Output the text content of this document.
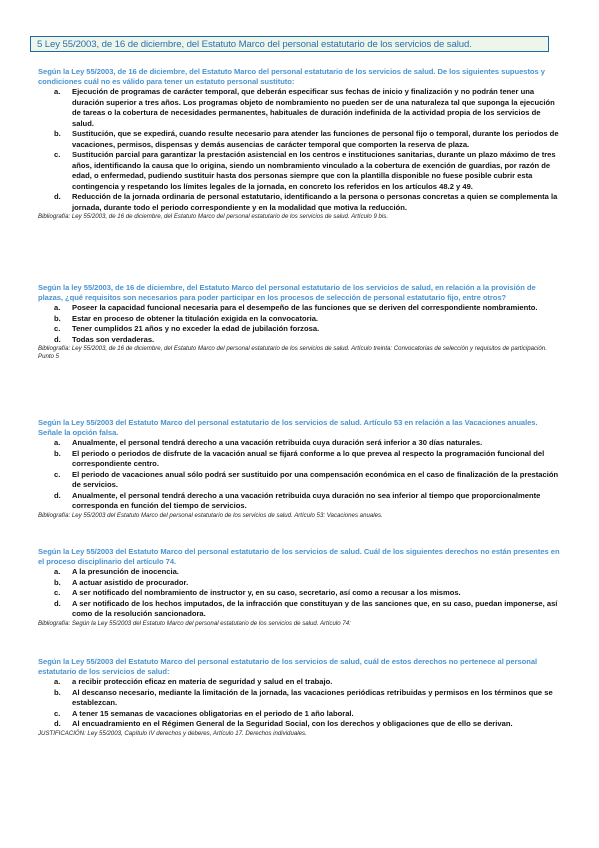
5 Ley 55/2003, de 16 de diciembre, del Estatuto Marco del personal estatutario de los servicios de salud.

Según la Ley 55/2003, de 16 de diciembre, del Estatuto Marco del personal estatutario de los servicios de salud. De los siguientes supuestos y condiciones cuál no es válido para tener un estatuto personal sustituto:

a.	Ejecución de programas de carácter temporal, que deberán especificar sus fechas de inicio y finalización y no podrán tener una duración superior a tres años. Los programas objeto de nombramiento no pueden ser de una naturaleza tal que suponga la ejecución de tareas o la cobertura de necesidades permanentes, habituales de duración indefinida de la actividad propia de los servicios de salud.
b.	Sustitución, que se expedirá, cuando resulte necesario para atender las funciones de personal fijo o temporal, durante los periodos de vacaciones, permisos, dispensas y demás ausencias de carácter temporal que comporten la reserva de plaza.
c.	Sustitución parcial para garantizar la prestación asistencial en los centros e instituciones sanitarias, durante un plazo máximo de tres años, identificando la causa que lo origina, siendo un nombramiento vinculado a la cobertura de exención de guardias, por razón de edad, o enfermedad, pudiendo sustituir hasta dos personas siempre que con la plantilla disponible no fuese posible cubrir esta contingencia y respetando los límites legales de la jornada, en concreto los referidos en los artículos 48.2 y 49.
d.	Reducción de la jornada ordinaria de personal estatutario, identificando a la persona o personas concretas a quien se complementa la jornada, durante todo el periodo correspondiente y en la modalidad que motiva la reducción.

Bibliografía: Ley 55/2003, de 16 de diciembre, del Estatuto Marco del personal estatutario de los servicios de salud. Artículo 9 bis.

Según la ley 55/2003, de 16 de diciembre, del Estatuto Marco del personal estatutario de los servicios de salud, en relación a la provisión de plazas, ¿qué requisitos son necesarios para poder participar en los procesos de selección de personal estatutario fijo, entre otros?

a.	Poseer la capacidad funcional necesaria para el desempeño de las funciones que se deriven del correspondiente nombramiento.
b.	Estar en proceso de obtener la titulación exigida en la convocatoria.
c.	Tener cumplidos 21 años y no exceder la edad de jubilación forzosa.
d.	Todas son verdaderas.

Bibliografía: Ley 55/2003, de 16 de diciembre, del Estatuto Marco del personal estatutario de los servicios de salud. Artículo treinta: Convocatorias de selección y requisitos de participación. Punto 5

Según la Ley 55/2003 del Estatuto Marco del personal estatutario de los servicios de salud. Artículo 53 en relación a las Vacaciones anuales. Señale la opción falsa.

a.	Anualmente, el personal tendrá derecho a una vacación retribuida cuya duración será inferior a 30 días naturales.
b.	El periodo o periodos de disfrute de la vacación anual se fijará conforme a lo que prevea al respecto la programación funcional del correspondiente centro.
c.	El periodo de vacaciones anual sólo podrá ser sustituido por una compensación económica en el caso de finalización de la prestación de servicios.
d.	Anualmente, el personal tendrá derecho a una vacación retribuida cuya duración no sea inferior al tiempo que proporcionalmente corresponda en función del tiempo de servicios.

Bibliografía: Ley 55/2003 del Estatuto Marco del personal estatutario de los servicios de salud. Artículo 53: Vacaciones anuales.

Según la Ley 55/2003 del Estatuto Marco del personal estatutario de los servicios de salud. Cuál de los siguientes derechos no están presentes en el proceso disciplinario del artículo 74.

a.	A la presunción de inocencia.
b.	A actuar asistido de procurador.
c.	A ser notificado del nombramiento de instructor y, en su caso, secretario, así como a recusar a los mismos.
d.	A ser notificado de los hechos imputados, de la infracción que constituyan y de las sanciones que, en su caso, puedan imponerse, así como de la resolución sancionadora.

Bibliografía: Según la Ley 55/2003 del Estatuto Marco del personal estatutario de los servicios de salud. Artículo 74:

Según la Ley 55/2003 del Estatuto Marco del personal estatutario de los servicios de salud, cuál de estos derechos no pertenece al personal estatutario de los servicios de salud:

a.	a recibir protección eficaz en materia de seguridad y salud en el trabajo.
b.	Al descanso necesario, mediante la limitación de la jornada, las vacaciones periódicas retribuidas y permisos en los términos que se establezcan.
c.	A tener 15 semanas de vacaciones obligatorias en el periodo de 1 año laboral.
d.	Al encuadramiento en el Régimen General de la Seguridad Social, con los derechos y obligaciones que de ello se derivan.

JUSTIFICACIÓN: Ley 55/2003, Capítulo IV derechos y deberes, Artículo 17. Derechos individuales.
